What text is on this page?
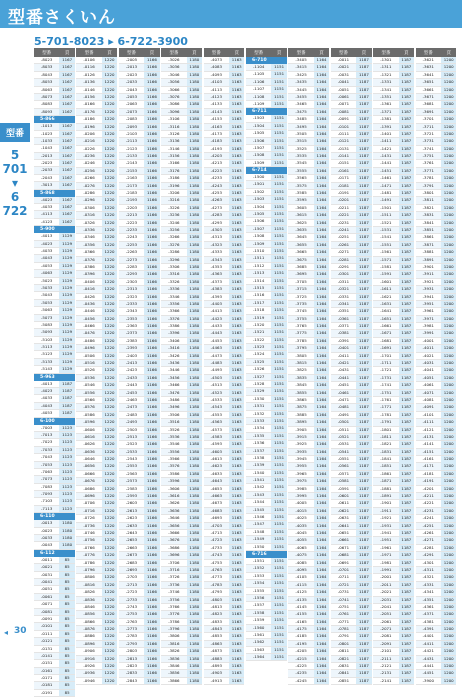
型番さくいん
5-701-8023 ▸ 6-722-3900
型番
5
701
▾
6
722
型番	頁
-8023	1167
-8033	1167
-8043	1167
-8053	1167
-8063	1167
-8073	1167
-8083	1167
-8093	1167
5-866
-1013	1167
-1023	1167
-1033	1167
-1043	1167
-2013	1167
-2023	1167
-2033	1167
-2043	1167
-3013	1167
5-868
-4023	1167
-4033	1167
-4113	1167
-4123	1167
5-900
-4013	1129
-4023	1129
-4033	1129
-4043	1129
-4053	1129
-4063	1129
-5023	1129
-5033	1129
-5043	1129
-5053	1129
-5063	1129
-5073	1129
-5083	1129
-5093	1129
-5103	1129
-5113	1129
-5123	1129
-5133	1129
-5143	1129
5-963
-4013	1187
-4023	1187
-4033	1187
-4043	1187
-4053	1187
6-100
-7003	1123
-7013	1123
-7023	1123
-7033	1123
-7043	1123
-7053	1123
-7063	1123
-7073	1123
-7083	1123
-7093	1123
-7103	1123
-7113	1123
6-110
-0013	1180
-0023	1180
-0033	1180
-0043	1180
6-112
-0011	85
-0021	85
-0031	85
-0041	85
-0051	85
-0061	85
-0071	85
-0081	85
-0091	85
-0101	85
-0111	85
-0121	85
-0131	85
-0141	85
-0151	85
-0161	85
-0171	85
-0181	85
-0191	85
型番	頁
-0106	1220
-0116	1220
-0126	1220
-0136	1220
-0146	1220
-0156	1220
-0166	1220
-0176	1220
-0186	1220
-0196	1220
-0206	1220
-0216	1220
-0226	1220
-0236	1220
-0246	1220
-0256	1220
-0266	1220
-0276	1220
-0286	1220
-0296	1220
-0306	1220
-0316	1220
-0326	1220
-0336	1220
-0346	1220
-0356	1220
-0366	1220
-0376	1220
-0386	1220
-0396	1220
-0406	1220
-0416	1220
-0426	1220
-0436	1220
-0446	1220
-0456	1220
-0466	1220
-0476	1220
-0486	1220
-0496	1220
-0506	1220
-0516	1220
-0526	1220
-0536	1220
-0546	1220
-0556	1220
-0566	1220
-0576	1220
-0586	1220
-0596	1220
-0606	1220
-0616	1220
-0626	1220
-0636	1220
-0646	1220
-0656	1220
-0666	1220
-0676	1220
-0686	1220
-0696	1220
-0706	1220
-0716	1220
-0726	1220
-0736	1220
-0746	1220
-0756	1220
-0766	1220
-0776	1220
-0786	1220
-0796	1220
-0806	1220
-0816	1220
-0826	1220
-0836	1220
-0846	1220
-0856	1220
-0866	1220
-0876	1220
-0886	1220
-0896	1220
-0906	1220
-0916	1220
-0926	1220
-0936	1220
-0946	1220
型番	頁
-2005	1166
-2013	1166
-2023	1166
-2033	1166
-2043	1166
-2053	1166
-2063	1166
-2073	1166
-2083	1166
-2093	1166
-2103	1166
-2113	1166
-2123	1166
-2133	1166
-2143	1166
-2153	1166
-2163	1166
-2173	1166
-2183	1166
-2193	1166
-2203	1166
-2213	1166
-2223	1166
-2233	1166
-2243	1166
-2253	1166
-2263	1166
-2273	1166
-2283	1166
-2293	1166
-2303	1166
-2313	1166
-2323	1166
-2333	1166
-2343	1166
-2353	1166
-2363	1166
-2373	1166
-2383	1166
-2393	1166
-2403	1166
-2413	1166
-2423	1166
-2433	1166
-2443	1166
-2453	1166
-2463	1166
-2473	1166
-2483	1166
-2493	1166
-2503	1166
-2513	1166
-2523	1166
-2533	1166
-2543	1166
-2553	1166
-2563	1166
-2573	1166
-2583	1166
-2593	1166
-2603	1166
-2613	1166
-2623	1166
-2633	1166
-2643	1166
-2653	1166
-2663	1166
-2673	1166
-2683	1166
-2693	1166
-2703	1166
-2713	1166
-2723	1166
-2733	1166
-2743	1166
-2753	1166
-2763	1166
-2773	1166
-2783	1166
-2793	1166
-2803	1166
-2813	1166
-2823	1166
-2833	1166
-2843	1166
型番	頁
-3026	1180
-3036	1180
-3046	1180
-3056	1180
-3066	1180
-3076	1180
-3086	1180
-3096	1180
-3106	1180
-3116	1180
-3126	1180
-3136	1180
-3146	1180
-3156	1180
-3166	1180
-3176	1180
-3186	1180
-3196	1180
-3206	1180
-3216	1180
-3226	1180
-3236	1180
-3246	1180
-3256	1180
-3266	1180
-3276	1180
-3286	1180
-3296	1180
-3306	1180
-3316	1180
-3326	1180
-3336	1180
-3346	1180
-3356	1180
-3366	1180
-3376	1180
-3386	1180
-3396	1180
-3406	1180
-3416	1180
-3426	1180
-3436	1180
-3446	1180
-3456	1180
-3466	1180
-3476	1180
-3486	1180
-3496	1180
-3506	1180
-3516	1180
-3526	1180
-3536	1180
-3546	1180
-3556	1180
-3566	1180
-3576	1180
-3586	1180
-3596	1180
-3606	1180
-3616	1180
-3626	1180
-3636	1180
-3646	1180
-3656	1180
-3666	1180
-3676	1180
-3686	1180
-3696	1180
-3706	1180
-3716	1180
-3726	1180
-3736	1180
-3746	1180
-3756	1180
-3766	1180
-3776	1180
-3786	1180
-3796	1180
-3806	1180
-3816	1180
-3826	1180
-3836	1180
-3846	1180
-3856	1180
-3866	1180
型番	頁
-4073	1163
-4083	1163
-4093	1163
-4103	1163
-4113	1163
-4123	1163
-4133	1163
-4143	1163
-4153	1163
-4163	1163
-4173	1163
-4183	1163
-4193	1163
-4203	1163
-4213	1163
-4223	1163
-4233	1163
-4243	1163
-4253	1163
-4263	1163
-4273	1163
-4283	1163
-4293	1163
-4303	1163
-4313	1163
-4323	1163
-4333	1163
-4343	1163
-4353	1163
-4363	1163
-4373	1163
-4383	1163
-4393	1163
-4403	1163
-4413	1163
-4423	1163
-4433	1163
-4443	1163
-4453	1163
-4463	1163
-4473	1163
-4483	1163
-4493	1163
-4503	1163
-4513	1163
-4523	1163
-4533	1163
-4543	1163
-4553	1163
-4563	1163
-4573	1163
-4583	1163
-4593	1163
-4603	1163
-4613	1163
-4623	1163
-4633	1163
-4643	1163
-4653	1163
-4663	1163
-4673	1163
-4683	1163
-4693	1163
-4703	1163
-4713	1163
-4723	1163
-4733	1163
-4743	1163
-4753	1163
-4763	1163
-4773	1163
-4783	1163
-4793	1163
-4803	1163
-4813	1163
-4823	1163
-4833	1163
-4843	1163
-4853	1163
-4863	1163
-4873	1163
-4883	1163
-4893	1163
-4903	1163
-4913	1163
型番	頁
6-710
-1104	1151
-1105	1151
-1106	1151
-1107	1151
-1108	1151
-1109	1151
6-711
-1503	1151
-1504	1151
-1505	1151
-1506	1151
-1507	1151
-1508	1151
-1509	1151
6-714
-1500	1151
-1501	1151
-1502	1151
-1503	1151
-1504	1151
-1505	1151
-1506	1151
-1507	1151
-1508	1151
-1509	1151
-1510	1151
-1511	1151
-1512	1151
-1513	1151
-1514	1151
-1515	1151
-1516	1151
-1517	1151
-1518	1151
-1519	1151
-1520	1151
-1521	1151
-1522	1151
-1523	1151
-1524	1151
-1525	1151
-1526	1151
-1527	1151
-1528	1151
-1529	1151
-1530	1151
-1531	1151
-1532	1151
-1533	1151
-1534	1151
-1535	1151
-1536	1151
-1537	1151
-1538	1151
-1539	1151
-1540	1151
-1541	1151
-1542	1151
-1543	1151
-1544	1151
-1545	1151
-1546	1151
-1547	1151
-1548	1151
-1549	1151
-1550	1151
6-716
-1551	1151
-1552	1151
-1553	1151
-1554	1151
-1555	1151
-1556	1151
-1557	1151
-1558	1151
-1559	1151
-1560	1151
-1561	1151
-1562	1151
-1563	1151
-1564	1151
型番	頁
-3405	1164
-3415	1164
-3425	1164
-3435	1164
-3445	1164
-3455	1164
-3465	1164
-3475	1164
-3485	1164
-3495	1164
-3505	1164
-3515	1164
-3525	1164
-3535	1164
-3545	1164
-3555	1164
-3565	1164
-3575	1164
-3585	1164
-3595	1164
-3605	1164
-3615	1164
-3625	1164
-3635	1164
-3645	1164
-3655	1164
-3665	1164
-3675	1164
-3685	1164
-3695	1164
-3705	1164
-3715	1164
-3725	1164
-3735	1164
-3745	1164
-3755	1164
-3765	1164
-3775	1164
-3785	1164
-3795	1164
-3805	1164
-3815	1164
-3825	1164
-3835	1164
-3845	1164
-3855	1164
-3865	1164
-3875	1164
-3885	1164
-3895	1164
-3905	1164
-3915	1164
-3925	1164
-3935	1164
-3945	1164
-3955	1164
-3965	1164
-3975	1164
-3985	1164
-3995	1164
-4005	1164
-4015	1164
-4025	1164
-4035	1164
-4045	1164
-4055	1164
-4065	1164
-4075	1164
-4085	1164
-4095	1164
-4105	1164
-4115	1164
-4125	1164
-4135	1164
-4145	1164
-4155	1164
-4165	1164
-4175	1164
-4185	1164
-4195	1164
-4205	1164
-4215	1164
-4225	1164
-4235	1164
-4245	1164
型番	頁
-0011	1187
-0021	1187
-0031	1187
-0041	1187
-0051	1187
-0061	1187
-0071	1187
-0081	1187
-0091	1187
-0101	1187
-0111	1187
-0121	1187
-0131	1187
-0141	1187
-0151	1187
-0161	1187
-0171	1187
-0181	1187
-0191	1187
-0201	1187
-0211	1187
-0221	1187
-0231	1187
-0241	1187
-0251	1187
-0261	1187
-0271	1187
-0281	1187
-0291	1187
-0301	1187
-0311	1187
-0321	1187
-0331	1187
-0341	1187
-0351	1187
-0361	1187
-0371	1187
-0381	1187
-0391	1187
-0401	1187
-0411	1187
-0421	1187
-0431	1187
-0441	1187
-0451	1187
-0461	1187
-0471	1187
-0481	1187
-0491	1187
-0501	1187
-0511	1187
-0521	1187
-0531	1187
-0541	1187
-0551	1187
-0561	1187
-0571	1187
-0581	1187
-0591	1187
-0601	1187
-0611	1187
-0621	1187
-0631	1187
-0641	1187
-0651	1187
-0661	1187
-0671	1187
-0681	1187
-0691	1187
-0701	1187
-0711	1187
-0721	1187
-0731	1187
-0741	1187
-0751	1187
-0761	1187
-0771	1187
-0781	1187
-0791	1187
-0801	1187
-0811	1187
-0821	1187
-0831	1187
-0841	1187
-0851	1187
型番	頁
-1301	1187
-1311	1187
-1321	1187
-1331	1187
-1341	1187
-1351	1187
-1361	1187
-1371	1187
-1381	1187
-1391	1187
-1401	1187
-1411	1187
-1421	1187
-1431	1187
-1441	1187
-1451	1187
-1461	1187
-1471	1187
-1481	1187
-1491	1187
-1501	1187
-1511	1187
-1521	1187
-1531	1187
-1541	1187
-1551	1187
-1561	1187
-1571	1187
-1581	1187
-1591	1187
-1601	1187
-1611	1187
-1621	1187
-1631	1187
-1641	1187
-1651	1187
-1661	1187
-1671	1187
-1681	1187
-1691	1187
-1701	1187
-1711	1187
-1721	1187
-1731	1187
-1741	1187
-1751	1187
-1761	1187
-1771	1187
-1781	1187
-1791	1187
-1801	1187
-1811	1187
-1821	1187
-1831	1187
-1841	1187
-1851	1187
-1861	1187
-1871	1187
-1881	1187
-1891	1187
-1901	1187
-1911	1187
-1921	1187
-1931	1187
-1941	1187
-1951	1187
-1961	1187
-1971	1187
-1981	1187
-1991	1187
-2001	1187
-2011	1187
-2021	1187
-2031	1187
-2041	1187
-2051	1187
-2061	1187
-2071	1187
-2081	1187
-2091	1187
-2101	1187
-2111	1187
-2121	1187
-2131	1187
-2141	1187
型番	頁
-3621	1200
-3631	1200
-3641	1200
-3651	1200
-3661	1200
-3671	1200
-3681	1200
-3691	1200
-3701	1200
-3711	1200
-3721	1200
-3731	1200
-3741	1200
-3751	1200
-3761	1200
-3771	1200
-3781	1200
-3791	1200
-3801	1200
-3811	1200
-3821	1200
-3831	1200
-3841	1200
-3851	1200
-3861	1200
-3871	1200
-3881	1200
-3891	1200
-3901	1200
-3911	1200
-3921	1200
-3931	1200
-3941	1200
-3951	1200
-3961	1200
-3971	1200
-3981	1200
-3991	1200
-4001	1200
-4011	1200
-4021	1200
-4031	1200
-4041	1200
-4051	1200
-4061	1200
-4071	1200
-4081	1200
-4091	1200
-4101	1200
-4111	1200
-4121	1200
-4131	1200
-4141	1200
-4151	1200
-4161	1200
-4171	1200
-4181	1200
-4191	1200
-4201	1200
-4211	1200
-4221	1200
-4231	1200
-4241	1200
-4251	1200
-4261	1200
-4271	1200
-4281	1200
-4291	1200
-4301	1200
-4311	1200
-4321	1200
-4331	1200
-4341	1200
-4351	1200
-4361	1200
-4371	1200
-4381	1200
-4391	1200
-4401	1200
-4411	1200
-4421	1200
-4431	1200
-4441	1200
-4451	1200
-3900	1200
◂ 30
